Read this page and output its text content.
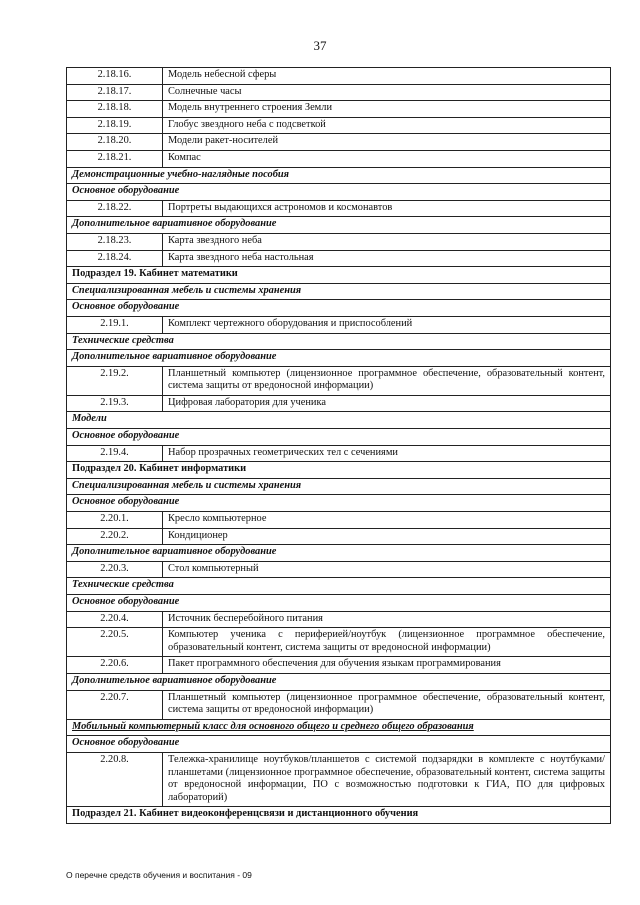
37
2.18.16.	Модель небесной сферы
2.18.17.	Солнечные часы
2.18.18.	Модель внутреннего строения Земли
2.18.19.	Глобус звездного неба с подсветкой
2.18.20.	Модели ракет-носителей
2.18.21.	Компас
Демонстрационные учебно-наглядные пособия	
Основное оборудование	
2.18.22.	Портреты выдающихся астрономов и космонавтов
Дополнительное вариативное оборудование	
2.18.23.	Карта звездного неба
2.18.24.	Карта звездного неба настольная
Подраздел 19. Кабинет математики	
Специализированная мебель и системы хранения	
Основное оборудование	
2.19.1.	Комплект чертежного оборудования и приспособлений
Технические средства	
Дополнительное вариативное оборудование	
2.19.2.	Планшетный компьютер (лицензионное программное обеспечение, образовательный контент, система защиты от вредоносной информации)
2.19.3.	Цифровая лаборатория для ученика
Модели	
Основное оборудование	
2.19.4.	Набор прозрачных геометрических тел с сечениями
Подраздел 20. Кабинет информатики	
Специализированная мебель и системы хранения	
Основное оборудование	
2.20.1.	Кресло компьютерное
2.20.2.	Кондиционер
Дополнительное вариативное оборудование	
2.20.3.	Стол компьютерный
Технические средства	
Основное оборудование	
2.20.4.	Источник бесперебойного питания
2.20.5.	Компьютер ученика с периферией/ноутбук (лицензионное программное обеспечение, образовательный контент, система защиты от вредоносной информации)
2.20.6.	Пакет программного обеспечения для обучения языкам программирования
Дополнительное вариативное оборудование	
2.20.7.	Планшетный компьютер (лицензионное программное обеспечение, образовательный контент, система защиты от вредоносной информации)
Мобильный компьютерный класс для основного общего и среднего общего образования	
Основное оборудование	
2.20.8.	Тележка-хранилище ноутбуков/планшетов с системой подзарядки в комплекте с ноутбуками/планшетами (лицензионное программное обеспечение, образовательный контент, система защиты от вредоносной информации, ПО с возможностью подготовки к ГИА, ПО для цифровых лабораторий)
Подраздел 21. Кабинет видеоконференцсвязи и дистанционного обучения	
О перечне средств обучения и воспитания - 09
